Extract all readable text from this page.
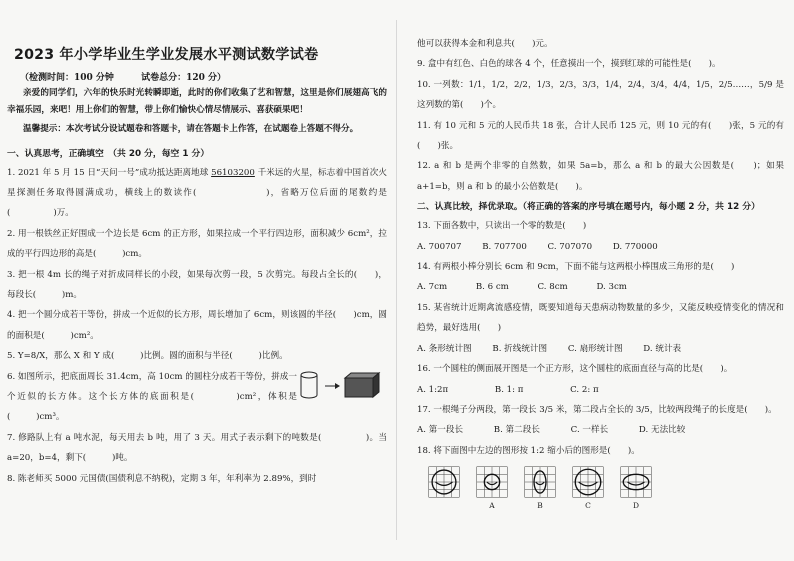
2023 年小学毕业生学业发展水平测试数学试卷
（检测时间：100 分钟	试卷总分：120 分）

亲爱的同学们，六年的快乐时光转瞬即逝，此时的你们收集了艺和智慧，这里是你们展翅高飞的幸福乐园，来吧！用上你们的智慧，带上你们愉快心情尽情展示、喜获硕果吧！

温馨提示：本次考试分设试题卷和答题卡，请在答题卡上作答，在试题卷上答题不得分。

一、认真思考，正确填空　（共 20 分，每空 1 分）

1. 2021 年 5 月 15 日“天问一号”成功抵达距离地球 56103200 千米远的火星，标志着中国首次火星探测任务取得圆满成功，横线上的数读作(　　　　　　　)，省略万位后面的尾数约是(　　　　　)万。

2. 用一根铁丝正好围成一个边长是 6cm 的正方形，如果拉成一个平行四边形，面积减少 6cm²，拉成的平行四边形的高是(　　　)cm。

3. 把一根 4m 长的绳子对折成同样长的小段，如果每次剪一段，5 次剪完。每段占全长的(　　)，每段长(　　　)m。

4. 把一个圆分成若干等份，拼成一个近似的长方形，周长增加了 6cm，则该圆的半径(　　)cm，圆的面积是(　　　)cm²。

5. Y=8/X，那么 X 和 Y 成(　　　)比例。圆的面积与半径(　　　)比例。

6. 如图所示，把底面周长 31.4cm，高 10cm 的圆柱分成若干等份，拼成一个近似的长方体。这个长方体的底面积是(　　　　)cm²，体积是(　　　)cm³。

7. 修路队上有 a 吨水泥，每天用去 b 吨，用了 3 天。用式子表示剩下的吨数是(　　　　　)。当 a=20，b=4，剩下(　　　)吨。

8. 陈老师买 5000 元国债(国债利息不纳税)，定期 3 年，年利率为 2.89%，到时

他可以获得本金和利息共(　　)元。

9. 盒中有红色、白色的球各 4 个，任意摸出一个，摸到红球的可能性是(　　)。

10. 一列数：1/1，1/2，2/2，1/3，2/3，3/3，1/4，2/4，3/4，4/4，1/5，2/5……，5/9 是这列数的第(　　)个。

11. 有 10 元和 5 元的人民币共 18 张，合计人民币 125 元，则 10 元的有(　　)张，5 元的有(　　)张。

12. a 和 b 是两个非零的自然数，如果 5a=b，那么 a 和 b 的最大公因数是(　　)；如果 a+1=b，则 a 和 b 的最小公倍数是(　　)。

二、认真比较，择优录取。（将正确的答案的序号填在题号内，每小题 2 分，共 12 分）

13. 下面各数中，只读出一个零的数是(　　)

A. 700707 B. 707700 C. 707070 D. 770000

14. 有两根小棒分别长 6cm 和 9cm，下面不能与这两根小棒围成三角形的是(　　)

A. 7cm	B. 6 cm	C. 8cm	D. 3cm

15. 某省统计近期禽流感疫情，既要知道每天患病动物数量的多少，又能反映疫情变化的情况和趋势，最好选用(　　)

A. 条形统计图 B. 折线统计图 C. 扇形统计图 D. 统计表

16. 一个圆柱的侧面展开图是一个正方形，这个圆柱的底面直径与高的比是(　　)。

A. 1:2π	B. 1: π	C. 2: π

17. 一根绳子分两段，第一段长 3/5 米，第二段占全长的 3/5，比较两段绳子的长度是(　　)。

A. 第一段长	B. 第二段长	C. 一样长	D. 无法比较

18. 将下面图中左边的图形按 1:2 缩小后的图形是(　　)。

A	B	C	D
